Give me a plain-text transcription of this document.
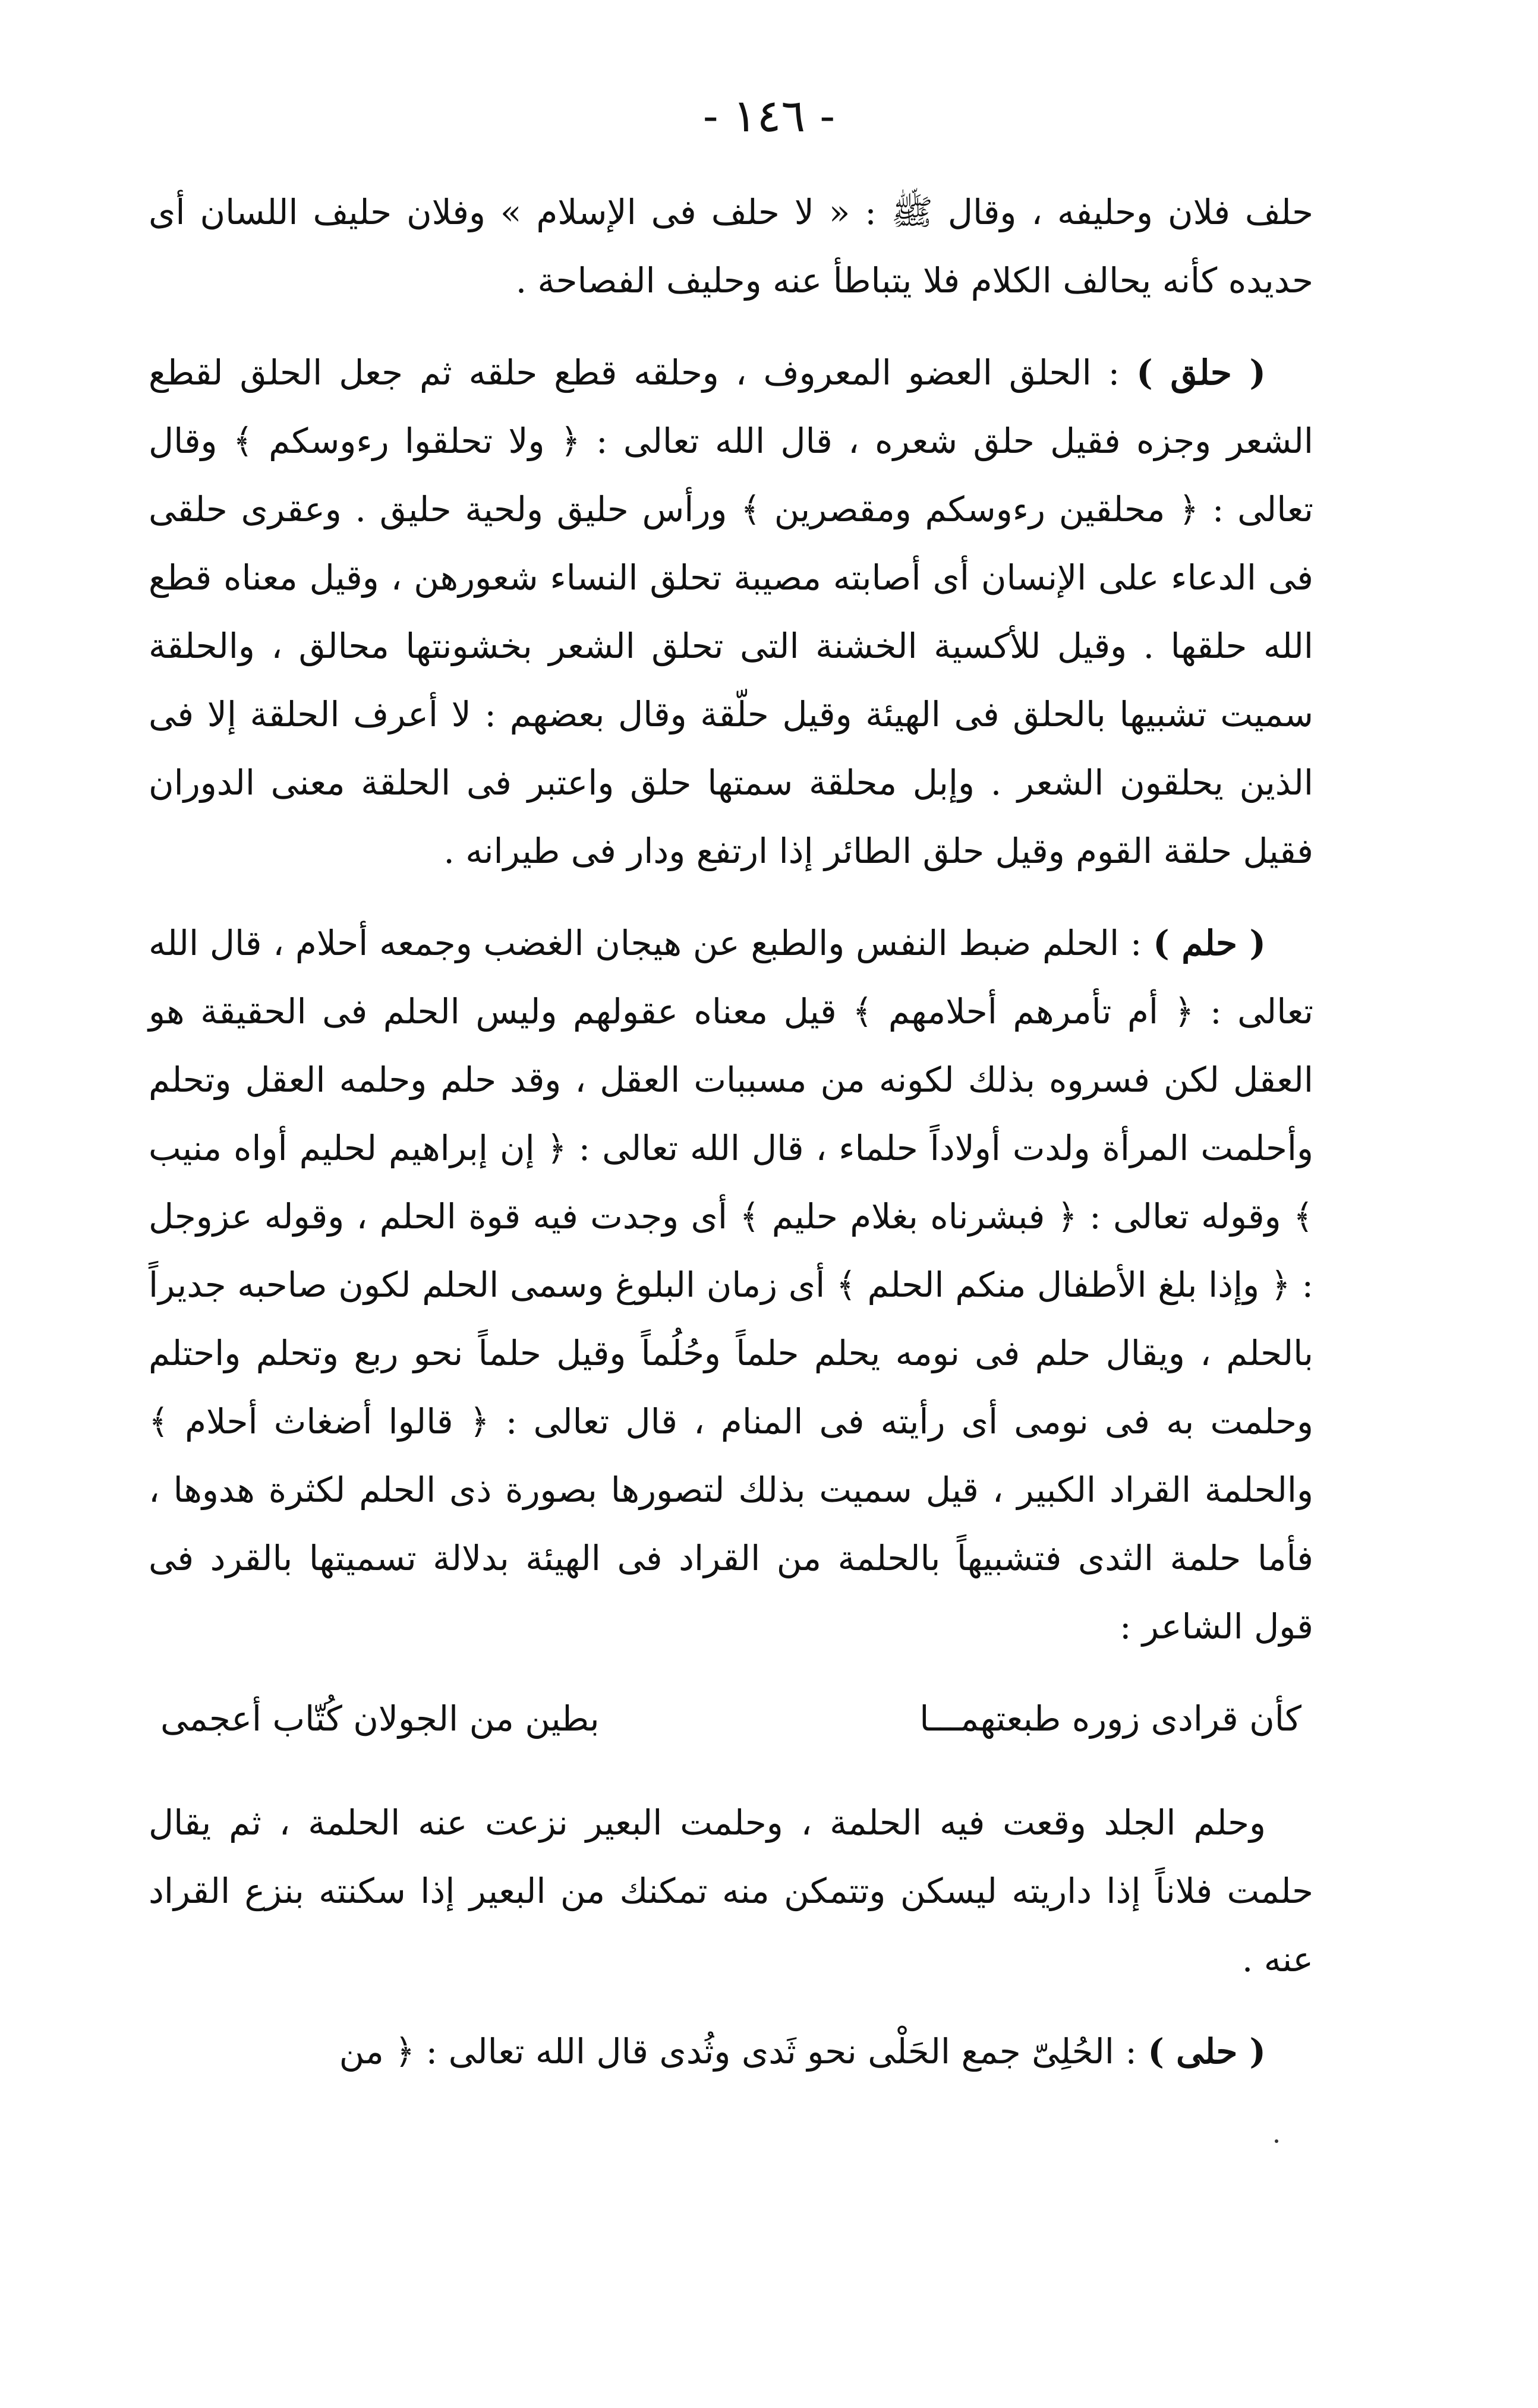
- ١٤٦ -

حلف فلان وحليفه ، وقال ﷺ : « لا حلف فى الإسلام » وفلان حليف اللسان أى حديده كأنه يحالف الكلام فلا يتباطأ عنه وحليف الفصاحة .

( حلق ) : الحلق العضو المعروف ، وحلقه قطع حلقه ثم جعل الحلق لقطع الشعر وجزه فقيل حلق شعره ، قال الله تعالى : ﴿ ولا تحلقوا رءوسكم ﴾ وقال تعالى : ﴿ محلقين رءوسكم ومقصرين ﴾ ورأس حليق ولحية حليق . وعقرى حلقى فى الدعاء على الإنسان أى أصابته مصيبة تحلق النساء شعورهن ، وقيل معناه قطع الله حلقها . وقيل للأكسية الخشنة التى تحلق الشعر بخشونتها محالق ، والحلقة سميت تشبيها بالحلق فى الهيئة وقيل حلّقة وقال بعضهم : لا أعرف الحلقة إلا فى الذين يحلقون الشعر . وإبل محلقة سمتها حلق واعتبر فى الحلقة معنى الدوران فقيل حلقة القوم وقيل حلق الطائر إذا ارتفع ودار فى طيرانه .

( حلم ) : الحلم ضبط النفس والطبع عن هيجان الغضب وجمعه أحلام ، قال الله تعالى : ﴿ أم تأمرهم أحلامهم ﴾ قيل معناه عقولهم وليس الحلم فى الحقيقة هو العقل لكن فسروه بذلك لكونه من مسببات العقل ، وقد حلم وحلمه العقل وتحلم وأحلمت المرأة ولدت أولاداً حلماء ، قال الله تعالى : ﴿ إن إبراهيم لحليم أواه منيب ﴾ وقوله تعالى : ﴿ فبشرناه بغلام حليم ﴾ أى وجدت فيه قوة الحلم ، وقوله عزوجل : ﴿ وإذا بلغ الأطفال منكم الحلم ﴾ أى زمان البلوغ وسمى الحلم لكون صاحبه جديراً بالحلم ، ويقال حلم فى نومه يحلم حلماً وحُلُماً وقيل حلماً نحو ربع وتحلم واحتلم وحلمت به فى نومى أى رأيته فى المنام ، قال تعالى : ﴿ قالوا أضغاث أحلام ﴾ والحلمة القراد الكبير ، قيل سميت بذلك لتصورها بصورة ذى الحلم لكثرة هدوها ، فأما حلمة الثدى فتشبيهاً بالحلمة من القراد فى الهيئة بدلالة تسميتها بالقرد فى قول الشاعر :

كأن قرادى زوره طبعتهمـــا
بطين من الجولان كُتّاب أعجمى

وحلم الجلد وقعت فيه الحلمة ، وحلمت البعير نزعت عنه الحلمة ، ثم يقال حلمت فلاناً إذا داريته ليسكن وتتمكن منه تمكنك من البعير إذا سكنته بنزع القراد عنه .

( حلى ) : الحُلِىّ جمع الحَلْى نحو ثَدى وثُدى قال الله تعالى : ﴿ من
